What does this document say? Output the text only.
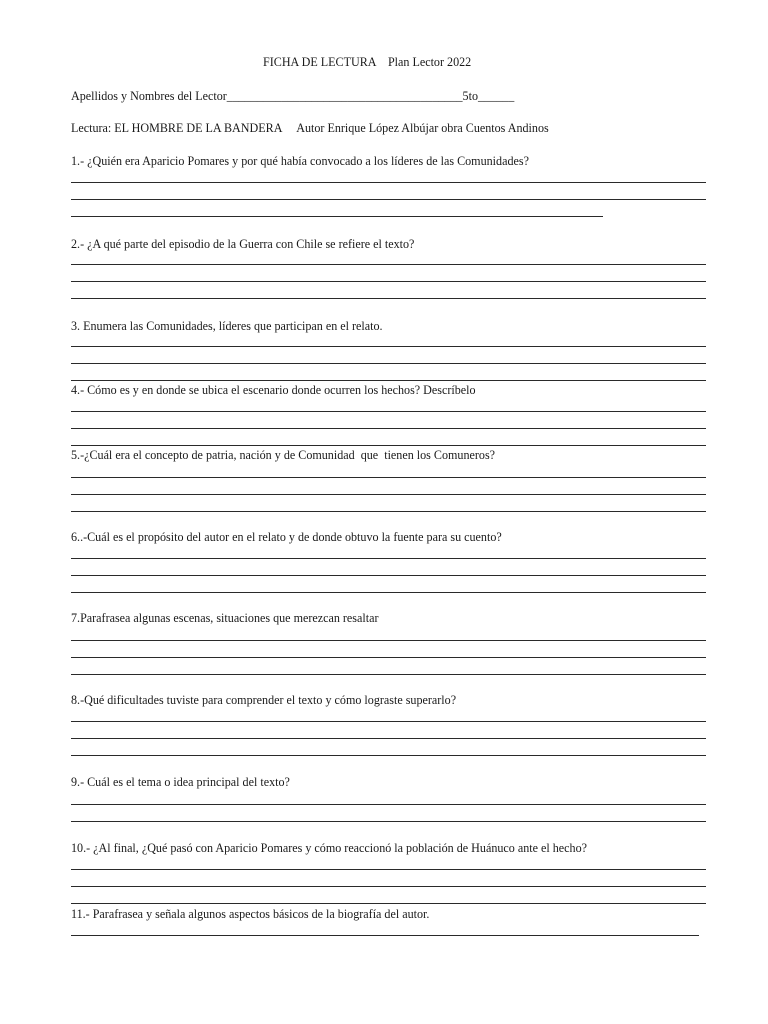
FICHA DE LECTURA    Plan Lector 2022
Apellidos y Nombres del Lector_______________________________________5to______
Lectura: EL HOMBRE DE LA BANDERA     Autor Enrique López Albújar obra Cuentos Andinos
1.- ¿Quién era Aparicio Pomares y por qué había convocado a los líderes de las Comunidades?
2.- ¿A qué parte del episodio de la Guerra con Chile se refiere el texto?
3. Enumera las Comunidades, líderes que participan en el relato.
4.- Cómo es y en donde se ubica el escenario donde ocurren los hechos? Descríbelo
5.-¿Cuál era el concepto de patria, nación y de Comunidad  que  tienen los Comuneros?
6..-Cuál es el propósito del autor en el relato y de donde obtuvo la fuente para su cuento?
7.Parafrasea algunas escenas, situaciones que merezcan resaltar
8.-Qué dificultades tuviste para comprender el texto y cómo lograste superarlo?
9.- Cuál es el tema o idea principal del texto?
10.- ¿Al final, ¿Qué pasó con Aparicio Pomares y cómo reaccionó la población de Huánuco ante el hecho?
11.- Parafrasea y señala algunos aspectos básicos de la biografía del autor.
